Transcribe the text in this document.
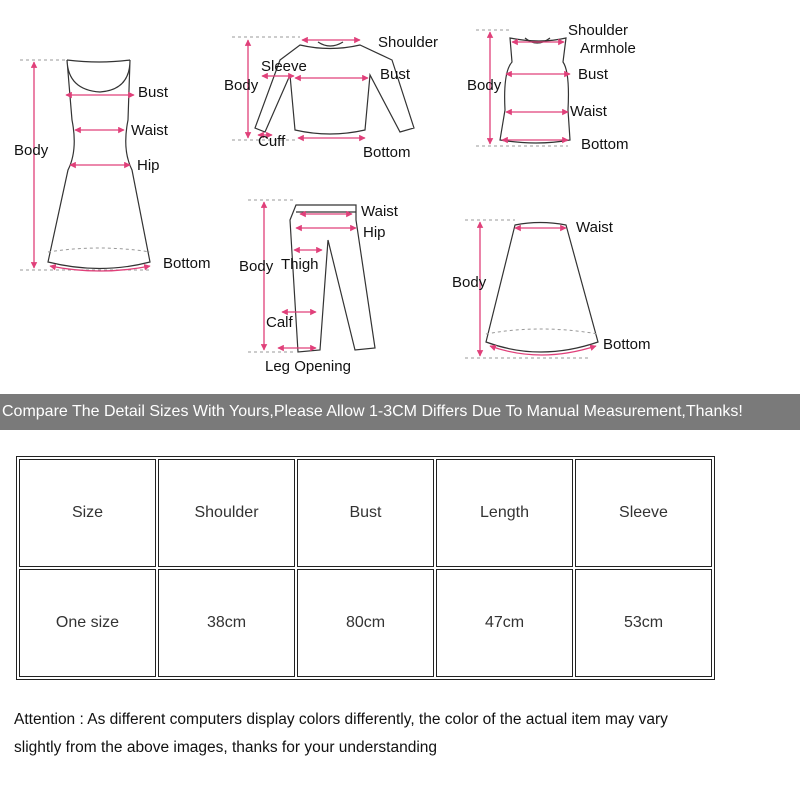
Bust
Waist
Body
Hip
Bottom
Shoulder
Sleeve
Body
Bust
Cuff
Bottom
Shoulder
Armhole
Body
Bust
Waist
Bottom
Waist
Hip
Body Thigh
Calf
Leg Opening
Waist
Body
Bottom
Compare The Detail Sizes With Yours,Please Allow 1-3CM Differs Due To Manual Measurement,Thanks!
Size	Shoulder	Bust	Length	Sleeve
One size	38cm	80cm	47cm	53cm
Attention : As different computers display colors differently, the color of the actual item may vary
slightly from the above images, thanks for your understanding
